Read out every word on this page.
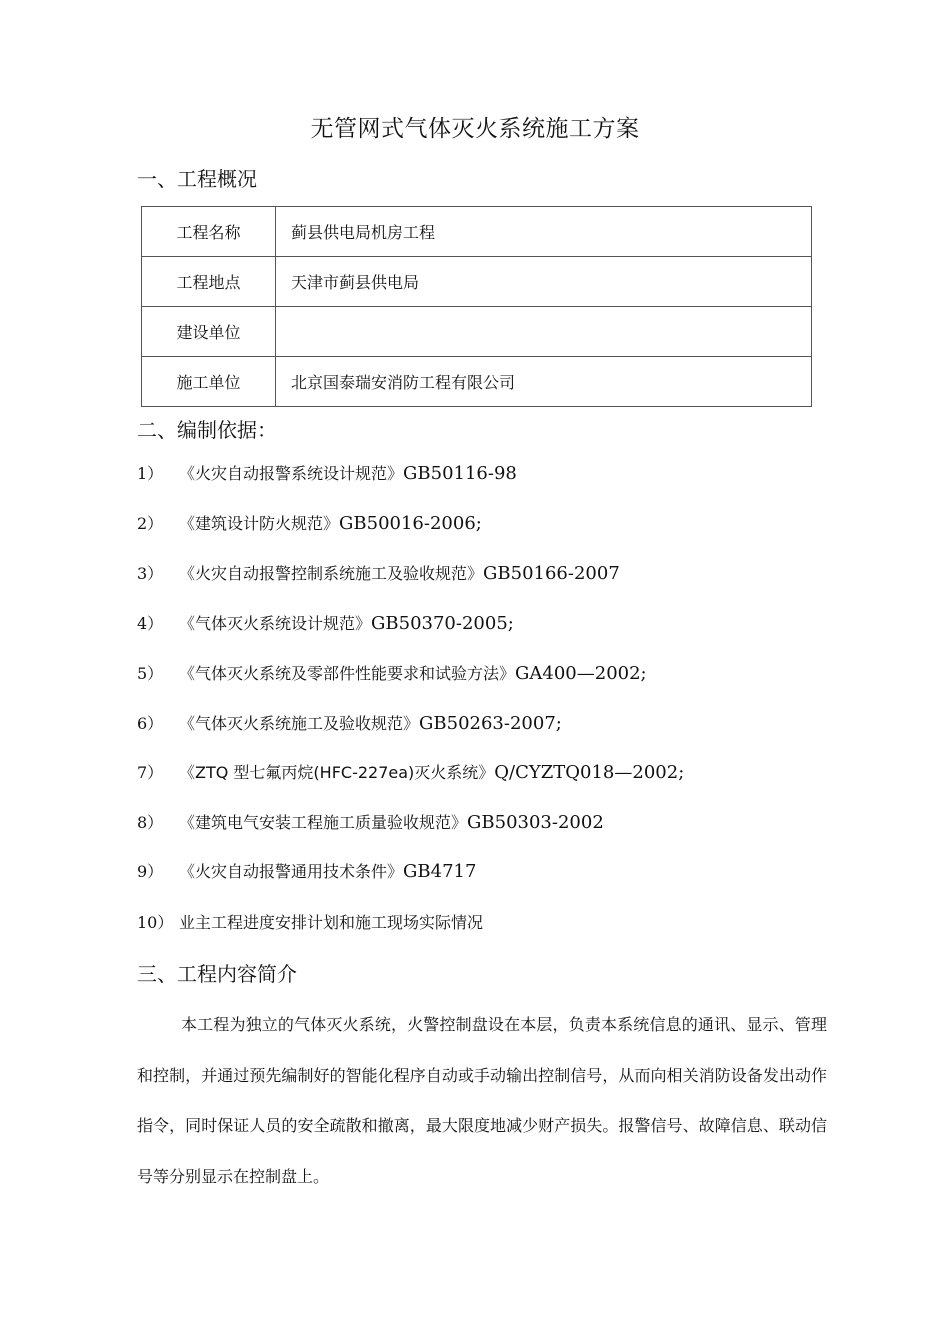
无管网式气体灭火系统施工方案
一、工程概况
工程名称	蓟县供电局机房工程
工程地点	天津市蓟县供电局
建设单位	
施工单位	北京国泰瑞安消防工程有限公司
二、编制依据：
1） 《火灾自动报警系统设计规范》GB50116-98
2） 《建筑设计防火规范》GB50016-2006;
3） 《火灾自动报警控制系统施工及验收规范》GB50166-2007
4） 《气体灭火系统设计规范》GB50370-2005;
5） 《气体灭火系统及零部件性能要求和试验方法》GA400—2002;
6） 《气体灭火系统施工及验收规范》GB50263-2007;
7） 《ZTQ 型七氟丙烷(HFC-227ea)灭火系统》Q/CYZTQ018—2002;
8） 《建筑电气安装工程施工质量验收规范》GB50303-2002
9） 《火灾自动报警通用技术条件》GB4717
10） 业主工程进度安排计划和施工现场实际情况
三、工程内容简介
本工程为独立的气体灭火系统，火警控制盘设在本层，负责本系统信息的通讯、显示、管理和控制，并通过预先编制好的智能化程序自动或手动输出控制信号，从而向相关消防设备发出动作指令，同时保证人员的安全疏散和撤离，最大限度地减少财产损失。报警信号、故障信息、联动信号等分别显示在控制盘上。
